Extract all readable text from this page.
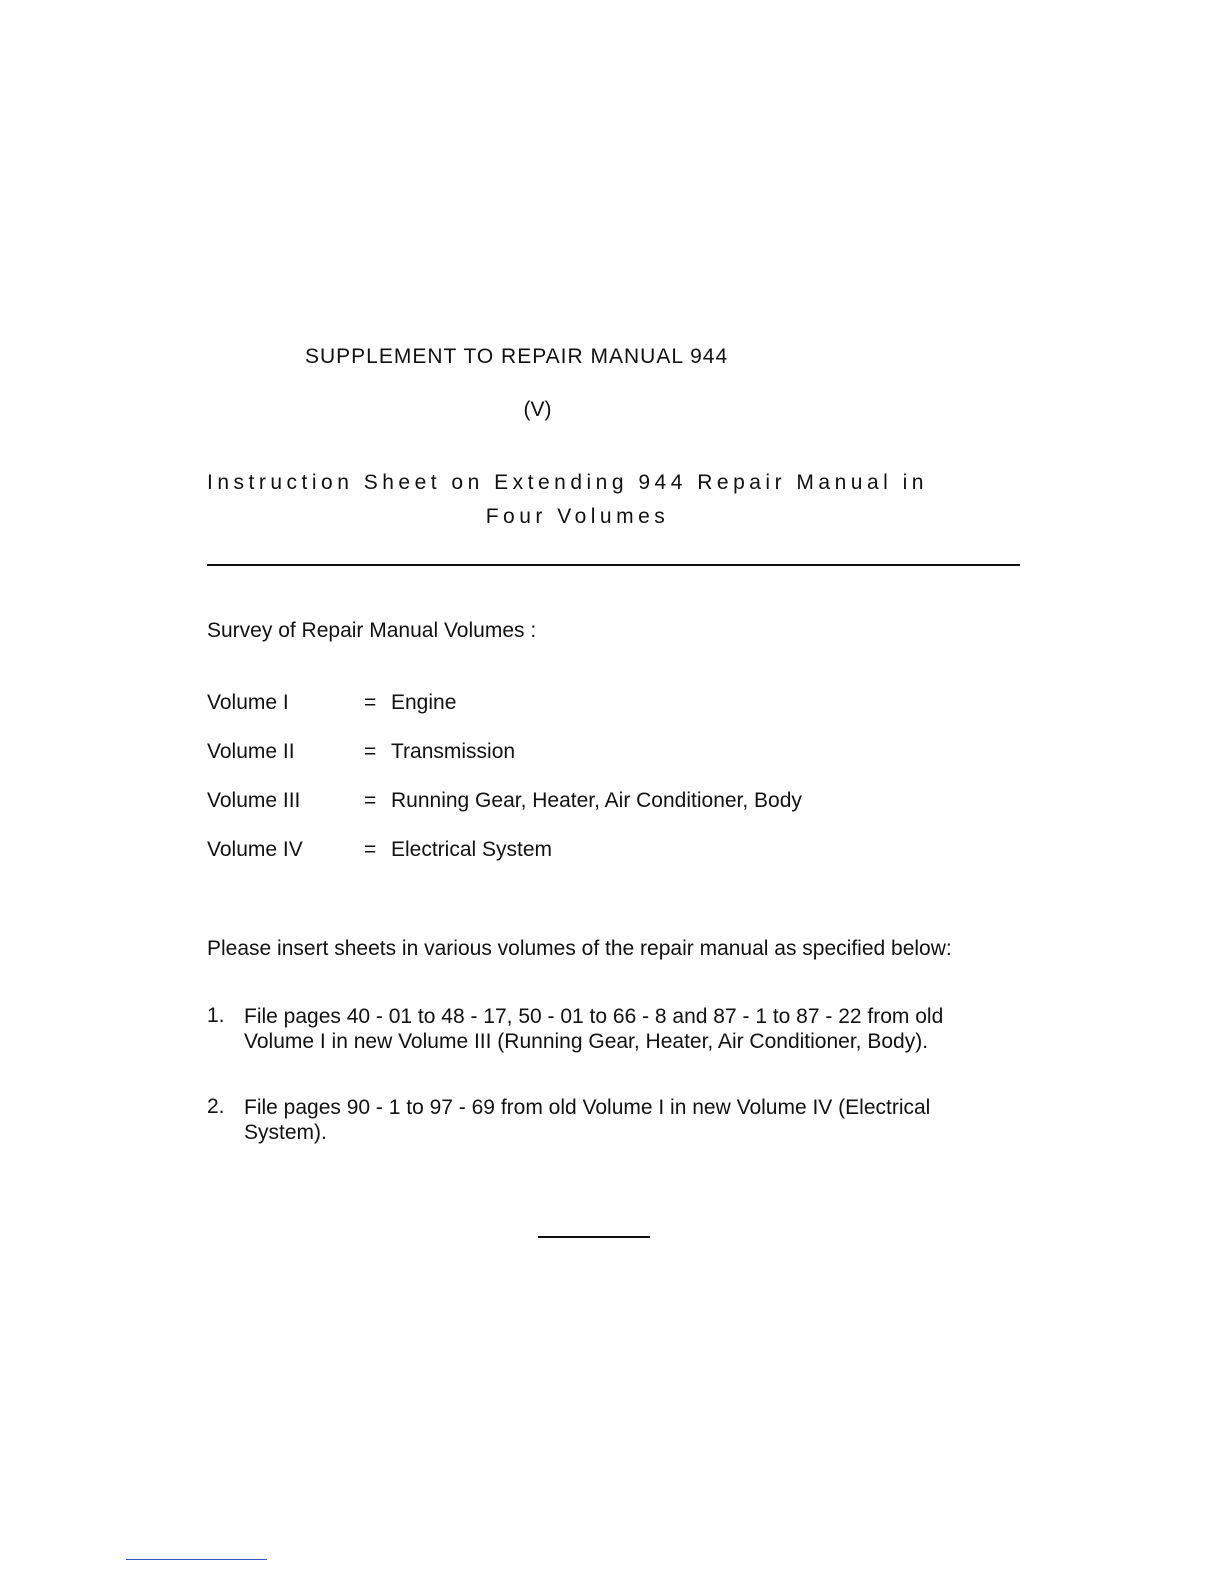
SUPPLEMENT TO REPAIR MANUAL 944
(V)
Instruction Sheet on Extending 944 Repair Manual in
Four Volumes
Survey of Repair Manual Volumes :
Volume I	= Engine
Volume II	= Transmission
Volume III	= Running Gear, Heater, Air Conditioner, Body
Volume IV	= Electrical System
Please insert sheets in various volumes of the repair manual as specified below:
1. File pages 40 - 01 to 48 - 17, 50 - 01 to 66 - 8 and 87 - 1 to 87 - 22 from old
Volume I in new Volume III (Running Gear, Heater, Air Conditioner, Body).
2. File pages 90 - 1 to 97 - 69 from old Volume I in new Volume IV (Electrical
System).
